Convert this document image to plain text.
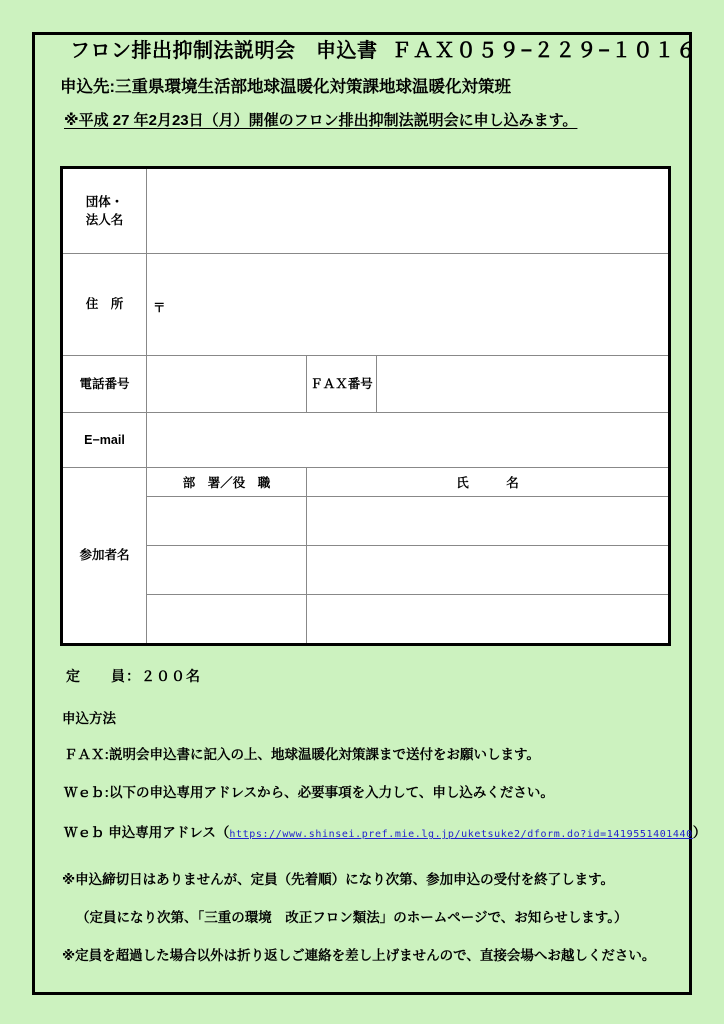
フロン排出抑制法説明会　申込書 ＦＡＸ０５９−２２９−１０１６
申込先:三重県環境生活部地球温暖化対策課地球温暖化対策班
※平成 27 年2月23日（月）開催のフロン排出抑制法説明会に申し込みます。
団体・
法人名			

住　所	〒		
電話番号		ＦＡＸ番号	
E−mail			
参加者名	部　署／役　職	氏　　　名	

定　　員：２００名
申込方法
ＦＡＸ:説明会申込書に記入の上、地球温暖化対策課まで送付をお願いします。
Ｗｅｂ:以下の申込専用アドレスから、必要事項を入力して、申し込みください。
Ｗｅｂ 申込専用アドレス（https://www.shinsei.pref.mie.lg.jp/uketsuke2/dform.do?id=1419551401440）
※申込締切日はありませんが、定員（先着順）になり次第、参加申込の受付を終了します。
（定員になり次第、「三重の環境　改正フロン類法」のホームページで、お知らせします。）
※定員を超過した場合以外は折り返しご連絡を差し上げませんので、直接会場へお越しください。
